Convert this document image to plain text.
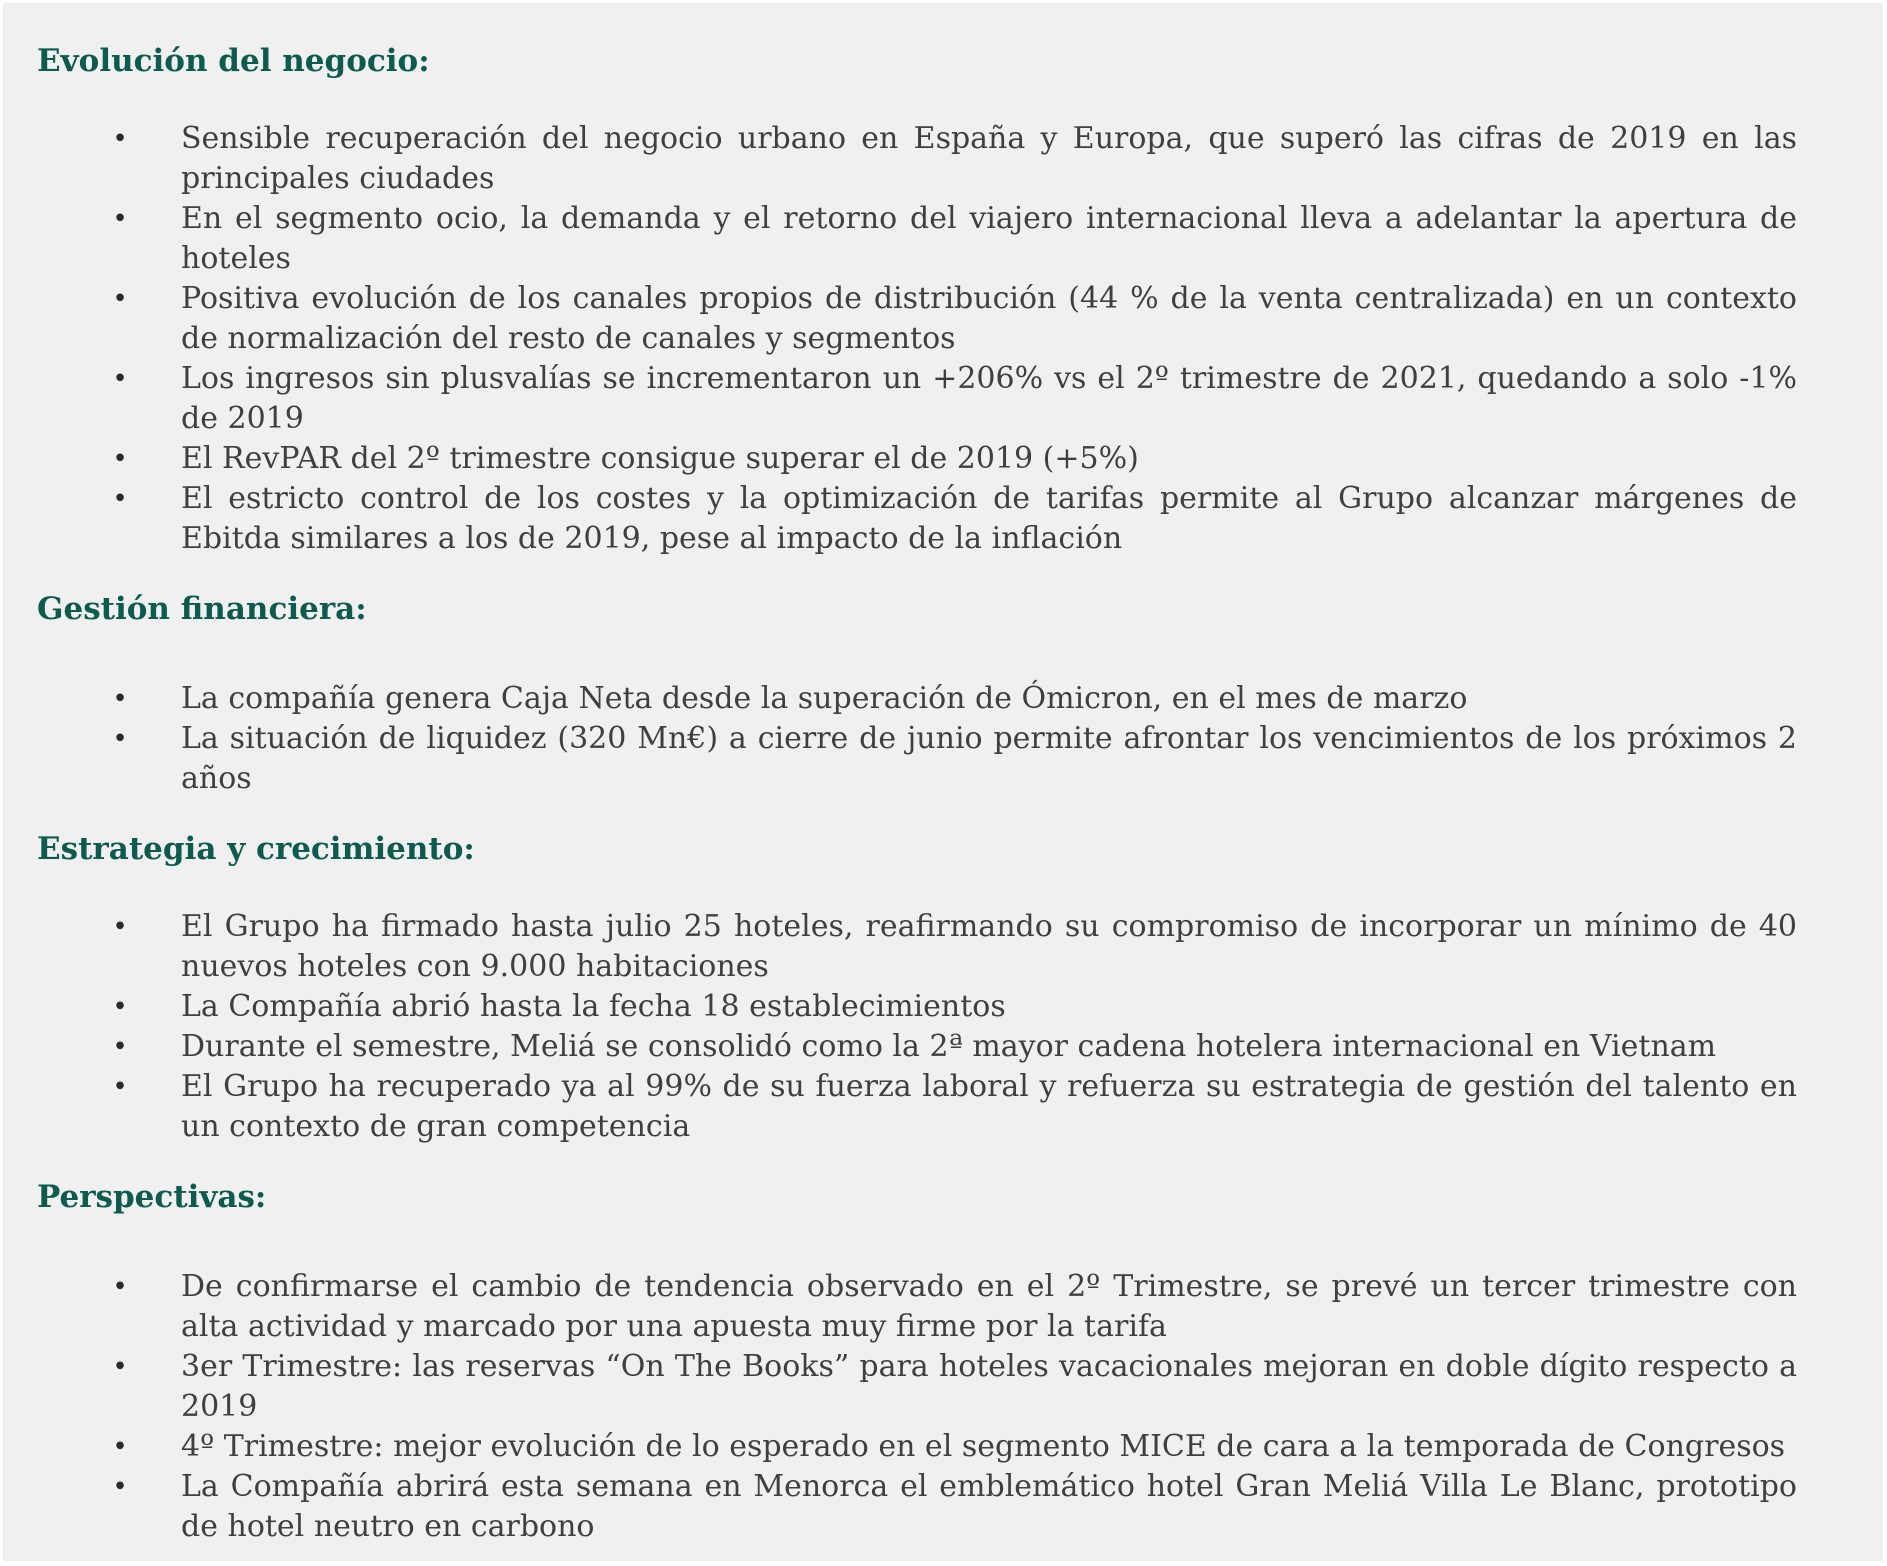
Evolución del negocio:
• Sensible recuperación del negocio urbano en España y Europa, que superó las cifras de 2019 en las principales ciudades
• En el segmento ocio, la demanda y el retorno del viajero internacional lleva a adelantar la apertura de hoteles
• Positiva evolución de los canales propios de distribución (44 % de la venta centralizada) en un contexto de normalización del resto de canales y segmentos
• Los ingresos sin plusvalías se incrementaron un +206% vs el 2º trimestre de 2021, quedando a solo -1% de 2019
• El RevPAR del 2º trimestre consigue superar el de 2019 (+5%)
• El estricto control de los costes y la optimización de tarifas permite al Grupo alcanzar márgenes de Ebitda similares a los de 2019, pese al impacto de la inflación
Gestión financiera:
• La compañía genera Caja Neta desde la superación de Ómicron, en el mes de marzo
• La situación de liquidez (320 Mn€) a cierre de junio permite afrontar los vencimientos de los próximos 2 años
Estrategia y crecimiento:
• El Grupo ha firmado hasta julio 25 hoteles, reafirmando su compromiso de incorporar un mínimo de 40 nuevos hoteles con 9.000 habitaciones
• La Compañía abrió hasta la fecha 18 establecimientos
• Durante el semestre, Meliá se consolidó como la 2ª mayor cadena hotelera internacional en Vietnam
• El Grupo ha recuperado ya al 99% de su fuerza laboral y refuerza su estrategia de gestión del talento en un contexto de gran competencia
Perspectivas:
• De confirmarse el cambio de tendencia observado en el 2º Trimestre, se prevé un tercer trimestre con alta actividad y marcado por una apuesta muy firme por la tarifa
• 3er Trimestre: las reservas “On The Books” para hoteles vacacionales mejoran en doble dígito respecto a 2019
• 4º Trimestre: mejor evolución de lo esperado en el segmento MICE de cara a la temporada de Congresos
• La Compañía abrirá esta semana en Menorca el emblemático hotel Gran Meliá Villa Le Blanc, prototipo de hotel neutro en carbono
